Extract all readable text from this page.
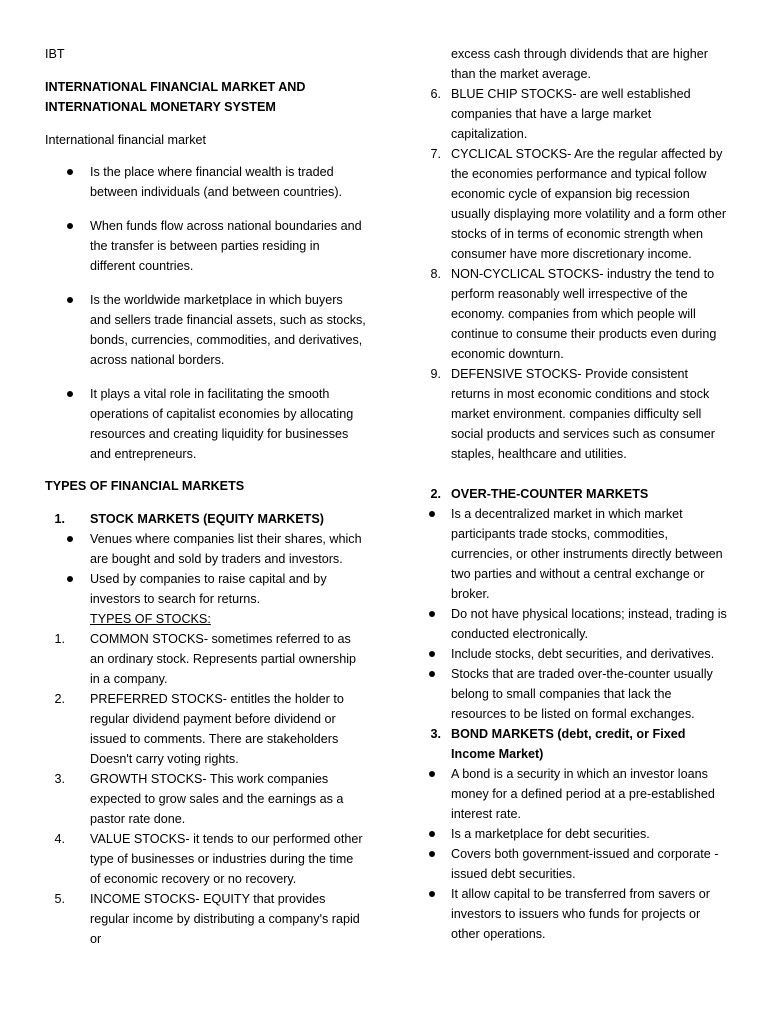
IBT

INTERNATIONAL FINANCIAL MARKET AND

INTERNATIONAL MONETARY SYSTEM

International financial market

Is the place where financial wealth is traded between individuals (and between countries).

When funds flow across national boundaries and the transfer is between parties residing in different countries.

Is the worldwide marketplace in which buyers and sellers trade financial assets, such as stocks, bonds, currencies, commodities, and derivatives, across national borders.

It plays a vital role in facilitating the smooth operations of capitalist economies by allocating resources and creating liquidity for businesses and entrepreneurs.

TYPES OF FINANCIAL MARKETS

1. STOCK MARKETS (EQUITY MARKETS)

Venues where companies list their shares, which are bought and sold by traders and investors.

Used by companies to raise capital and by investors to search for returns.

TYPES OF STOCKS:

1. COMMON STOCKS- sometimes referred to as an ordinary stock. Represents partial ownership in a company.

2. PREFERRED STOCKS- entitles the holder to regular dividend payment before dividend or issued to comments. There are stakeholders Doesn't carry voting rights.

3. GROWTH STOCKS- This work companies expected to grow sales and the earnings as a pastor rate done.

4. VALUE STOCKS- it tends to our performed other type of businesses or industries during the time of economic recovery or no recovery.

5. INCOME STOCKS- EQUITY that provides regular income by distributing a company's rapid or

excess cash through dividends that are higher than the market average.

6. BLUE CHIP STOCKS- are well established companies that have a large market capitalization.

7. CYCLICAL STOCKS- Are the regular affected by the economies performance and typical follow economic cycle of expansion big recession usually displaying more volatility and a form other stocks of in terms of economic strength when consumer have more discretionary income.

8. NON-CYCLICAL STOCKS- industry the tend to perform reasonably well irrespective of the economy. companies from which people will continue to consume their products even during economic downturn.

9. DEFENSIVE STOCKS- Provide consistent returns in most economic conditions and stock market environment. companies difficulty sell social products and services such as consumer staples, healthcare and utilities.

2. OVER-THE-COUNTER MARKETS

Is a decentralized market in which market participants trade stocks, commodities, currencies, or other instruments directly between two parties and without a central exchange or broker.

Do not have physical locations; instead, trading is conducted electronically.

Include stocks, debt securities, and derivatives.

Stocks that are traded over-the-counter usually belong to small companies that lack the resources to be listed on formal exchanges.

3. BOND MARKETS (debt, credit, or Fixed Income Market)

A bond is a security in which an investor loans money for a defined period at a pre-established interest rate.

Is a marketplace for debt securities.

Covers both government-issued and corporate -issued debt securities.

It allow capital to be transferred from savers or investors to issuers who funds for projects or other operations.
